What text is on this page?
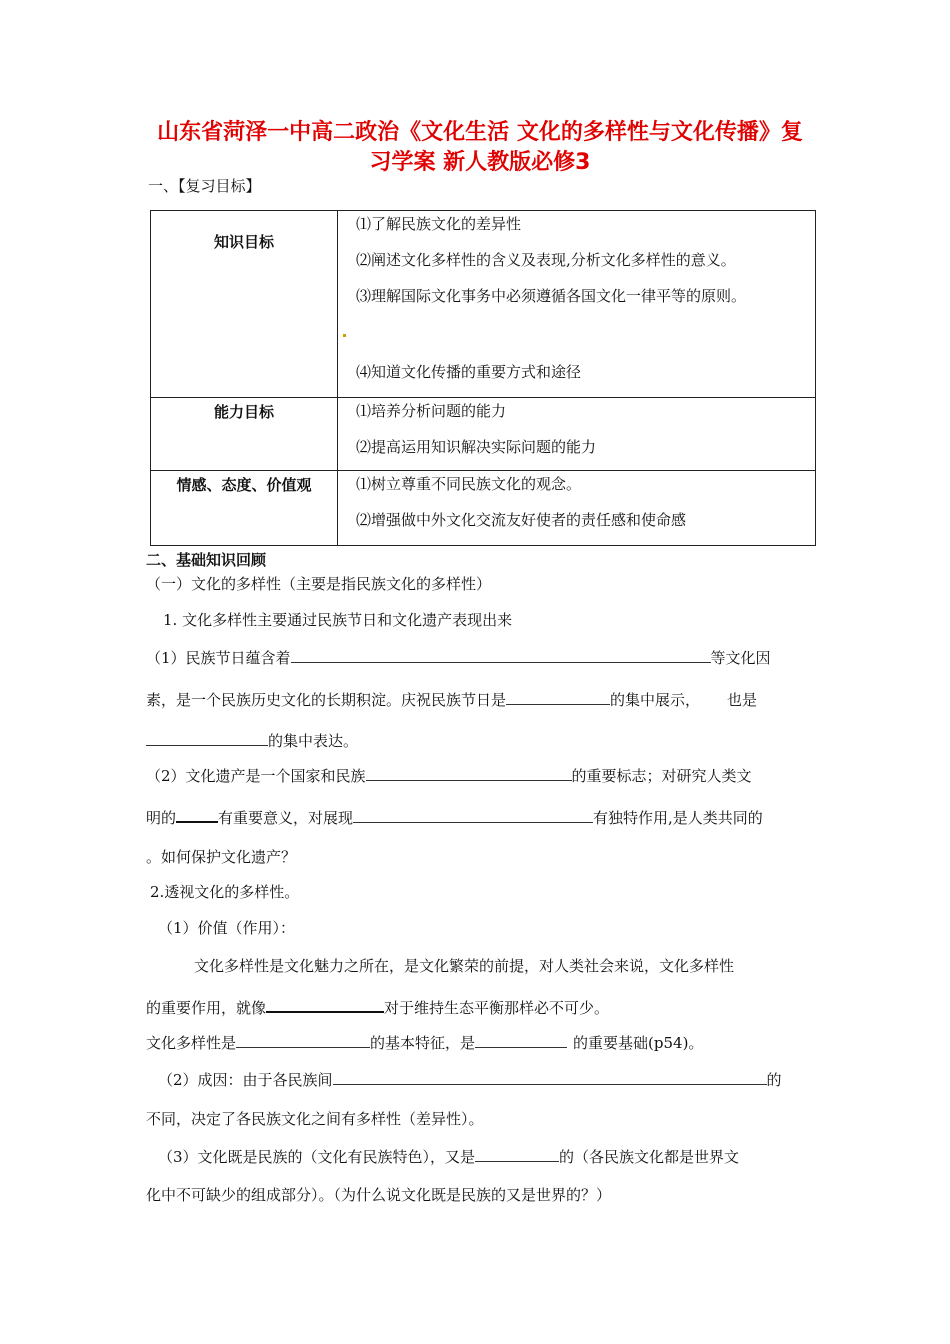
山东省菏泽一中高二政治《文化生活 文化的多样性与文化传播》复
习学案 新人教版必修3
一、【复习目标】
知识目标	⑴了解民族文化的差异性
⑵阐述文化多样性的含义及表现,分析文化多样性的意义。
⑶理解国际文化事务中必须遵循各国文化一律平等的原则。
⑷知道文化传播的重要方式和途径

能力目标	⑴培养分析问题的能力
⑵提高运用知识解决实际问题的能力

情感、态度、价值观	⑴树立尊重不同民族文化的观念。
⑵增强做中外文化交流友好使者的责任感和使命感
二、基础知识回顾
（一）文化的多样性（主要是指民族文化的多样性）
1. 文化多样性主要通过民族节日和文化遗产表现出来
（1）民族节日蕴含着	等文化因
素，是一个民族历史文化的长期积淀。庆祝民族节日是	的集中展示， 也是
的集中表达。
（2）文化遗产是一个国家和民族	的重要标志；对研究人类文
明的	有重要意义，对展现	有独特作用,是人类共同的
。如何保护文化遗产？
2.透视文化的多样性。
（1）价值（作用）：
文化多样性是文化魅力之所在，是文化繁荣的前提，对人类社会来说，文化多样性
的重要作用，就像	对于维持生态平衡那样必不可少。
文化多样性是	的基本特征，是	的重要基础(p54)。
（2）成因：由于各民族间	的
不同，决定了各民族文化之间有多样性（差异性）。
（3）文化既是民族的（文化有民族特色），又是	的（各民族文化都是世界文
化中不可缺少的组成部分）。（为什么说文化既是民族的又是世界的？）
